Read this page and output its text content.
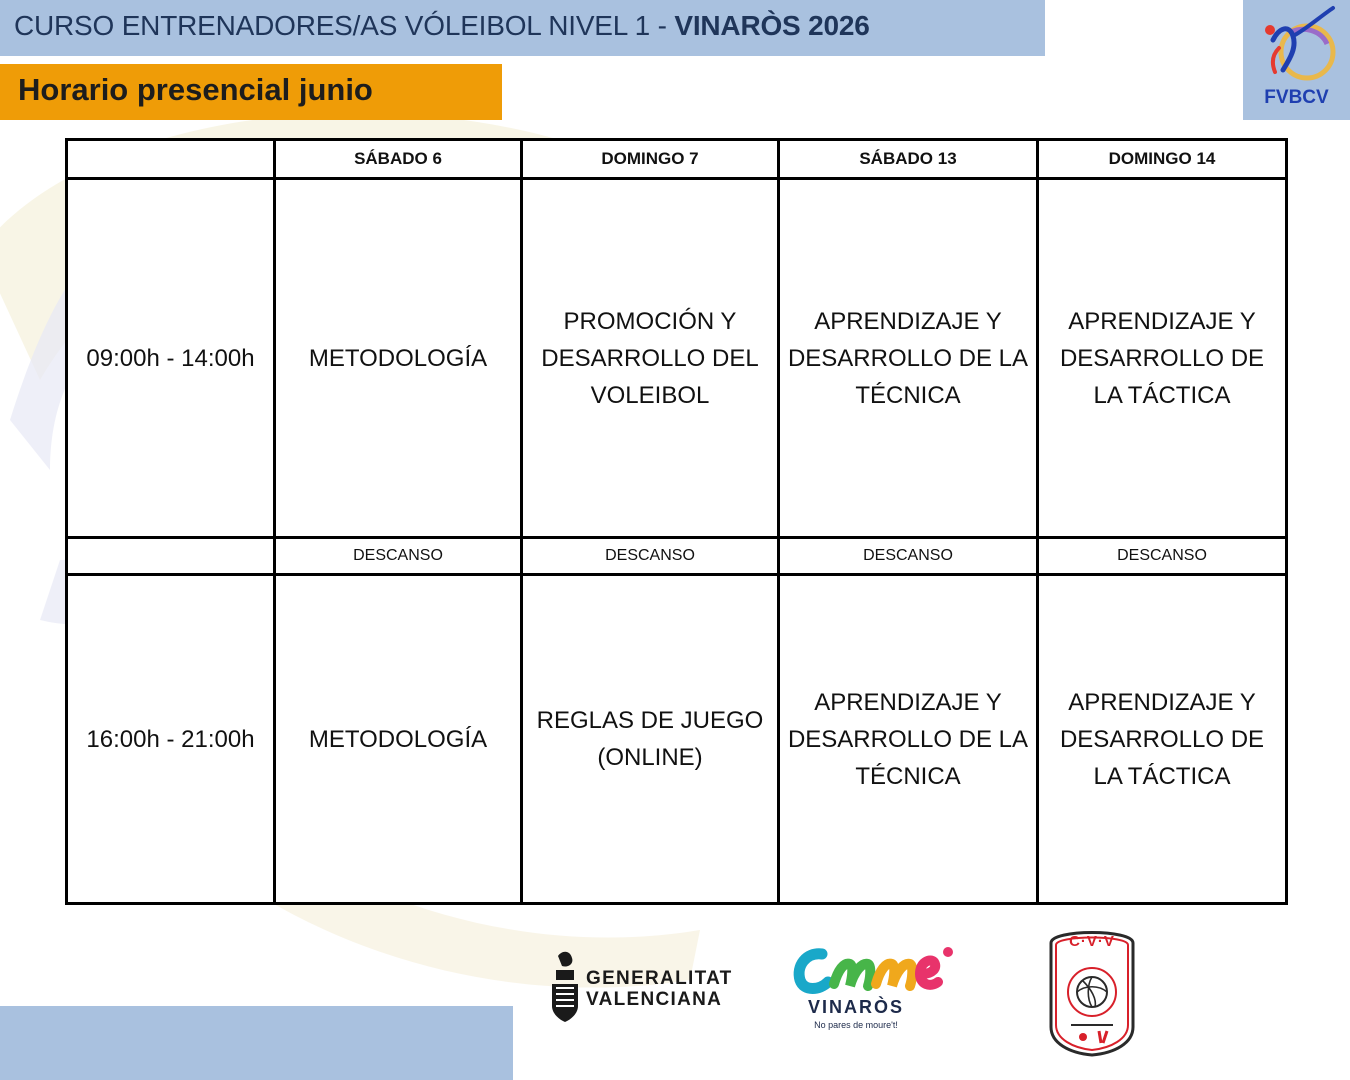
CURSO ENTRENADORES/AS VÓLEIBOL NIVEL 1 - VINARÒS 2026
Horario presencial junio	FVBCV
	SÁBADO 6	DOMINGO 7	SÁBADO 13	DOMINGO 14
09:00h - 14:00h	METODOLOGÍA	PROMOCIÓN Y DESARROLLO DEL VOLEIBOL	APRENDIZAJE Y DESARROLLO DE LA TÉCNICA	APRENDIZAJE Y DESARROLLO DE LA TÁCTICA
	DESCANSO	DESCANSO	DESCANSO	DESCANSO
16:00h - 21:00h	METODOLOGÍA	REGLAS DE JUEGO (ONLINE)	APRENDIZAJE Y DESARROLLO DE LA TÉCNICA	APRENDIZAJE Y DESARROLLO DE LA TÁCTICA
GENERALITAT
VALENCIANA	VINARÒS
No pares de moure't!
C·V·V
